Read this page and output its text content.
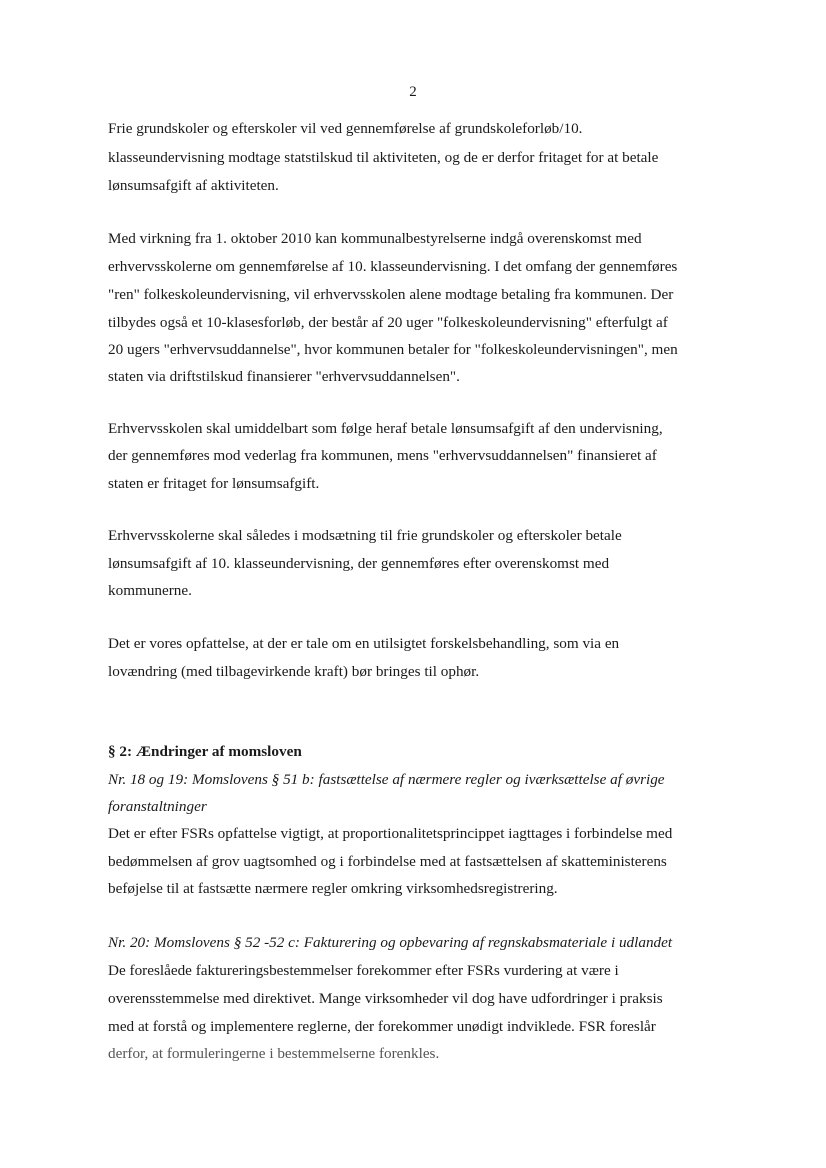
2
Frie grundskoler og efterskoler vil ved gennemførelse af grundskoleforløb/10.
klasseundervisning modtage statstilskud til aktiviteten, og de er derfor fritaget for at betale
lønsumsafgift af aktiviteten.
Med virkning fra 1. oktober 2010 kan kommunalbestyrelserne indgå overenskomst med
erhvervsskolerne om gennemførelse af 10. klasseundervisning. I det omfang der gennemføres
"ren" folkeskoleundervisning, vil erhvervsskolen alene modtage betaling fra kommunen. Der
tilbydes også et 10-klasesforløb, der består af 20 uger "folkeskoleundervisning" efterfulgt af
20 ugers "erhvervsuddannelse", hvor kommunen betaler for "folkeskoleundervisningen", men
staten via driftstilskud finansierer "erhvervsuddannelsen".
Erhvervsskolen skal umiddelbart som følge heraf betale lønsumsafgift af den undervisning,
der gennemføres mod vederlag fra kommunen, mens "erhvervsuddannelsen" finansieret af
staten er fritaget for lønsumsafgift.
Erhvervsskolerne skal således i modsætning til frie grundskoler og efterskoler betale
lønsumsafgift af 10. klasseundervisning, der gennemføres efter overenskomst med
kommunerne.
Det er vores opfattelse, at der er tale om en utilsigtet forskelsbehandling, som via en
lovændring (med tilbagevirkende kraft) bør bringes til ophør.
§ 2: Ændringer af momsloven
Nr. 18 og 19: Momslovens § 51 b: fastsættelse af nærmere regler og iværksættelse af øvrige
foranstaltninger
Det er efter FSRs opfattelse vigtigt, at proportionalitetsprincippet iagttages i forbindelse med
bedømmelsen af grov uagtsomhed og i forbindelse med at fastsættelsen af skatteministerens
beføjelse til at fastsætte nærmere regler omkring virksomhedsregistrering.
Nr. 20: Momslovens § 52 -52 c: Fakturering og opbevaring af regnskabsmateriale i udlandet
De foreslåede faktureringsbestemmelser forekommer efter FSRs vurdering at være i
overensstemmelse med direktivet. Mange virksomheder vil dog have udfordringer i praksis
med at forstå og implementere reglerne, der forekommer unødigt indviklede. FSR foreslår
derfor, at formuleringerne i bestemmelserne forenkles.
